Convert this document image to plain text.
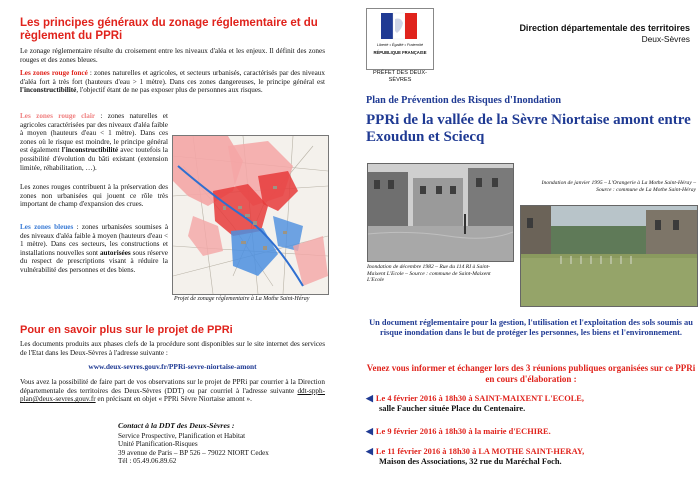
Les principes généraux du zonage réglementaire et du règlement du PPRi
Le zonage réglementaire résulte du croisement entre les niveaux d'aléa et les enjeux. Il définit des zones rouges et des zones bleues.
Les zones rouge foncé : zones naturelles et agricoles, et secteurs urbanisés, caractérisés par des niveaux d'aléa fort à très fort (hauteurs d'eau > 1 mètre). Dans ces zones dangereuses, le principe général est l'inconstructibilité, l'objectif étant de ne pas exposer plus de personnes aux risques.
Les zones rouge clair : zones naturelles et agricoles caractérisées par des niveaux d'aléa faible à moyen (hauteurs d'eau < 1 mètre). Dans ces zones où le risque est moindre, le principe général est également l'inconstructibilité avec toutefois la possibilité d'évolution du bâti existant (extension limitée, réhabilitation, …).
Les zones rouges contribuent à la préservation des zones non urbanisées qui jouent ce rôle très important de champ d'expansion des crues.
Les zones bleues : zones urbanisées soumises à des niveaux d'aléa faible à moyen (hauteurs d'eau < 1 mètre). Dans ces secteurs, les constructions et installations nouvelles sont autorisées sous réserve du respect de prescriptions visant à réduire la vulnérabilité des personnes et des biens.
Projet de zonage réglementaire à La Mothe Saint-Héray
Pour en savoir plus sur le projet de PPRi
Les documents produits aux phases clefs de la procédure sont disponibles sur le site internet des services de l'Etat dans les Deux-Sèvres à l'adresse suivante :
www.deux-sevres.gouv.fr/PPRi-sevre-niortaise-amont
Vous avez la possibilité de faire part de vos observations sur le projet de PPRi par courrier à la Direction départementale des territoires des Deux-Sèvres (DDT) ou par courriel à l'adresse suivante ddt-spph-plan@deux-sevres.gouv.fr en précisant en objet « PPRi Sèvre Niortaise amont ».
Contact à la DDT des Deux-Sèvres :
Service Prospective, Planification et Habitat
Unité Planification-Risques
39 avenue de Paris – BP 526 – 79022 NIORT Cedex
Tél : 05.49.06.89.62
Liberté • Égalité • Fraternité
RÉPUBLIQUE FRANÇAISE
PRÉFET DES DEUX-SÈVRES
Direction départementale des territoires
Deux-Sèvres
Plan de Prévention des Risques d'Inondation
PPRi de la vallée de la Sèvre Niortaise amont entre Exoudun et Sciecq
Inondation de décembre 1982 – Rue du 114 RI à Saint-Maixent L'Ecole – Source : commune de Saint-Maixent L'Ecole
Inondation de janvier 1995 – L'Orangerie à La Mothe Saint-Héray – Source : commune de La Mothe Saint-Héray
Un document réglementaire pour la gestion, l'utilisation et l'exploitation des sols soumis au risque inondation dans le but de protéger les personnes, les biens et l'environnement.
Venez vous informer et échanger lors des 3 réunions publiques organisées sur ce PPRi en cours d'élaboration :
◀ Le 4 février 2016 à 18h30 à SAINT-MAIXENT L'ECOLE,
salle Faucher située Place du Centenaire.
◀ Le 9 février 2016 à 18h30 à la mairie d'ECHIRE.
◀ Le 11 février 2016 à 18h30 à LA MOTHE SAINT-HERAY,
Maison des Associations, 32 rue du Maréchal Foch.
